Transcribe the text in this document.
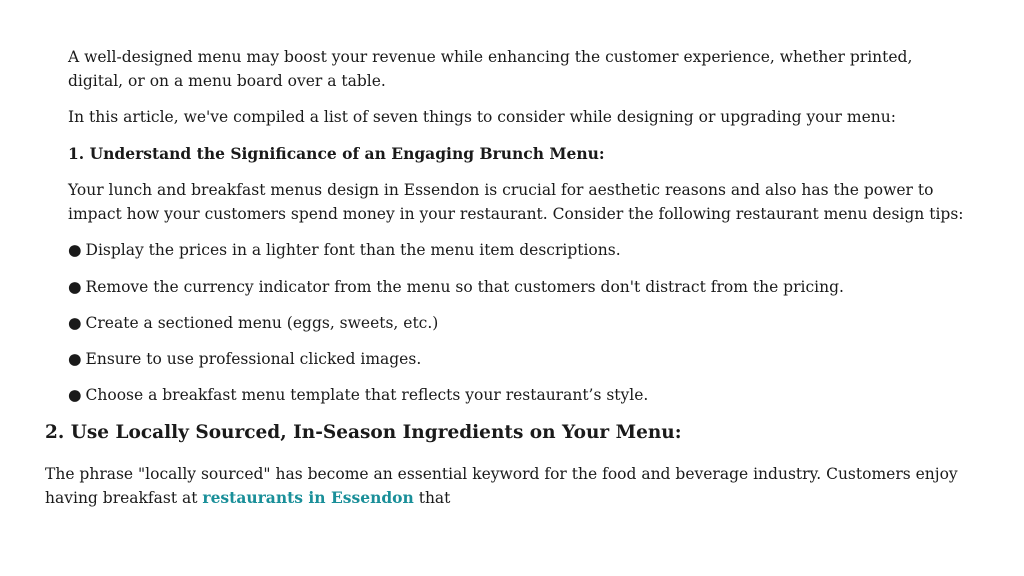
A well-designed menu may boost your revenue while enhancing the customer experience, whether printed, digital, or on a menu board over a table.

In this article, we've compiled a list of seven things to consider while designing or upgrading your menu:

1. Understand the Significance of an Engaging Brunch Menu:

Your lunch and breakfast menus design in Essendon is crucial for aesthetic reasons and also has the power to impact how your customers spend money in your restaurant. Consider the following restaurant menu design tips:

● Display the prices in a lighter font than the menu item descriptions.

● Remove the currency indicator from the menu so that customers don't distract from the pricing.

● Create a sectioned menu (eggs, sweets, etc.)

● Ensure to use professional clicked images.

● Choose a breakfast menu template that reflects your restaurant’s style.

2. Use Locally Sourced, In-Season Ingredients on Your Menu:

The phrase "locally sourced" has become an essential keyword for the food and beverage industry. Customers enjoy having breakfast at restaurants in Essendon that
